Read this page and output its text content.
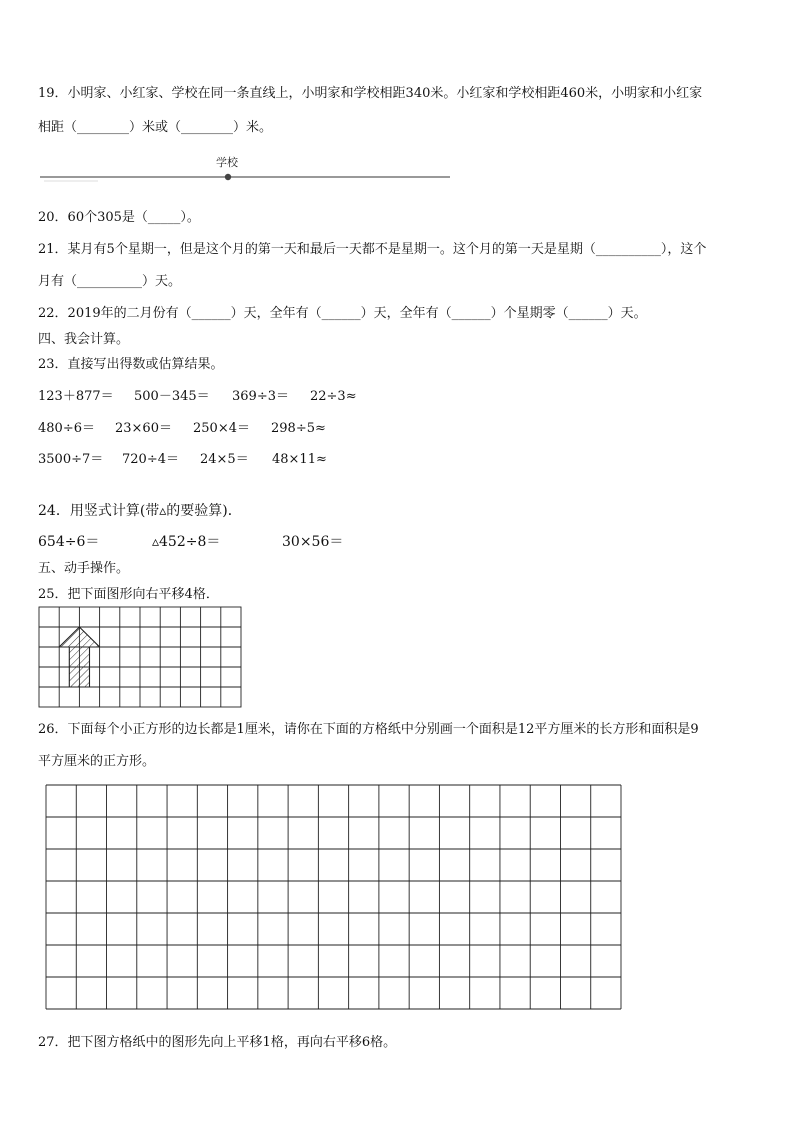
19．小明家、小红家、学校在同一条直线上，小明家和学校相距340米。小红家和学校相距460米，小明家和小红家
相距（________）米或（________）米。
学校
20．60个305是（_____）。
21．某月有5个星期一，但是这个月的第一天和最后一天都不是星期一。这个月的第一天是星期（__________），这个
月有（__________）天。
22．2019年的二月份有（______）天，全年有（______）天，全年有（______）个星期零（______）天。
四、我会计算。
23．直接写出得数或估算结果。
123＋877＝ 500－345＝ 369÷3＝ 22÷3≈
480÷6＝ 23×60＝ 250×4＝ 298÷5≈
3500÷7＝ 720÷4＝ 24×5＝ 48×11≈
24．用竖式计算(带▵的要验算)．
654÷6＝	▵452÷8＝	30×56＝
五、动手操作。
25．把下面图形向右平移4格．
26．下面每个小正方形的边长都是1厘米，请你在下面的方格纸中分别画一个面积是12平方厘米的长方形和面积是9
平方厘米的正方形。
27．把下图方格纸中的图形先向上平移1格，再向右平移6格。
